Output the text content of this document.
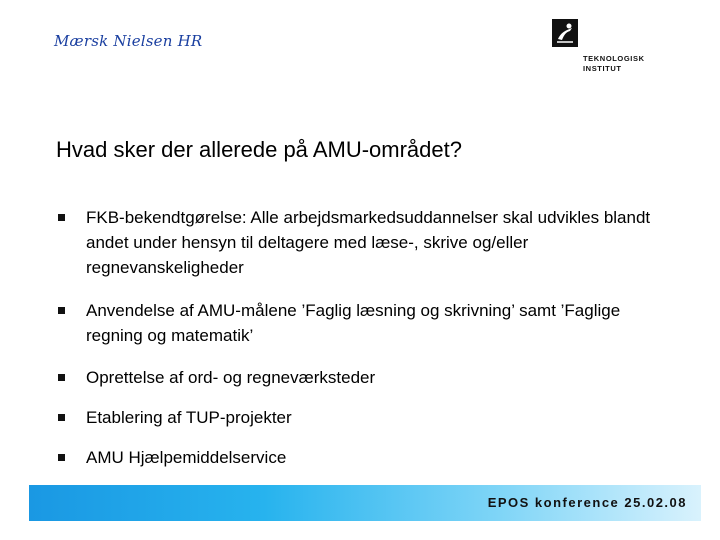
Mærsk Nielsen HR
TEKNOLOGISK
INSTITUT
Hvad sker der allerede på AMU-området?
FKB-bekendtgørelse: Alle arbejdsmarkedsuddannelser skal udvikles blandt andet under hensyn til deltagere med læse-, skrive og/eller regnevanskeligheder
Anvendelse af AMU-målene ’Faglig læsning og skrivning’ samt ’Faglige regning og matematik’
Oprettelse af ord- og regneværksteder
Etablering af TUP-projekter
AMU Hjælpemiddelservice
EPOS konference 25.02.08
